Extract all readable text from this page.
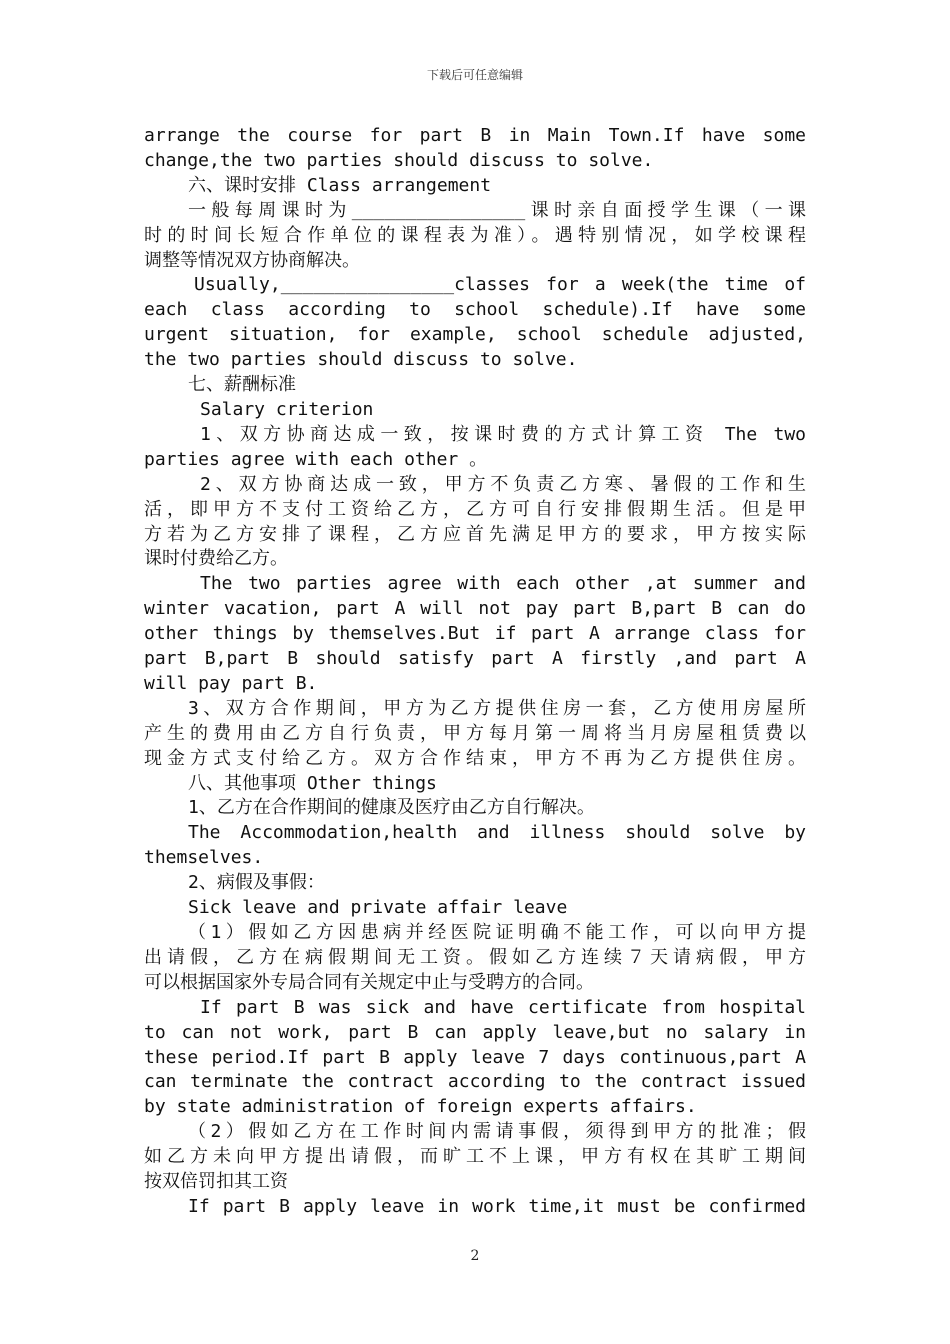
下载后可任意编辑
arrange the course for part B in Main Town.If have some
change,the two parties should discuss to solve.
六、课时安排 Class arrangement
一般每周课时为________________课时亲自面授学生课（一课
时的时间长短合作单位的课程表为准）。遇特别情况，如学校课程
调整等情况双方协商解决。
Usually,________________classes for a week(the time of
each class according to school schedule).If have some
urgent situation, for example, school schedule adjusted,
the two parties should discuss to solve.
七、薪酬标准
Salary criterion
1、双方协商达成一致，按课时费的方式计算工资 The two
parties agree with each other 。
2、双方协商达成一致，甲方不负责乙方寒、暑假的工作和生
活，即甲方不支付工资给乙方，乙方可自行安排假期生活。但是甲
方若为乙方安排了课程，乙方应首先满足甲方的要求，甲方按实际
课时付费给乙方。
The two parties agree with each other ,at summer and
winter vacation, part A will not pay part B,part B can do
other things by themselves.But if part A arrange class for
part B,part B should satisfy part A firstly ,and part A
will pay part B.
3、双方合作期间，甲方为乙方提供住房一套，乙方使用房屋所
产生的费用由乙方自行负责，甲方每月第一周将当月房屋租赁费以
现金方式支付给乙方。双方合作结束，甲方不再为乙方提供住房。
八、其他事项 Other things
1、乙方在合作期间的健康及医疗由乙方自行解决。
The Accommodation,health and illness should solve by
themselves.
2、病假及事假：
Sick leave and private affair leave
（1）假如乙方因患病并经医院证明确不能工作，可以向甲方提
出请假，乙方在病假期间无工资。假如乙方连续７天请病假，甲方
可以根据国家外专局合同有关规定中止与受聘方的合同。
If part B was sick and have certificate from hospital
to can not work, part B can apply leave,but no salary in
these period.If part B apply leave 7 days continuous,part A
can terminate the contract according to the contract issued
by state administration of foreign experts affairs.
（2）假如乙方在工作时间内需请事假，须得到甲方的批准；假
如乙方未向甲方提出请假，而旷工不上课，甲方有权在其旷工期间
按双倍罚扣其工资
If part B apply leave in work time,it must be confirmed
2
